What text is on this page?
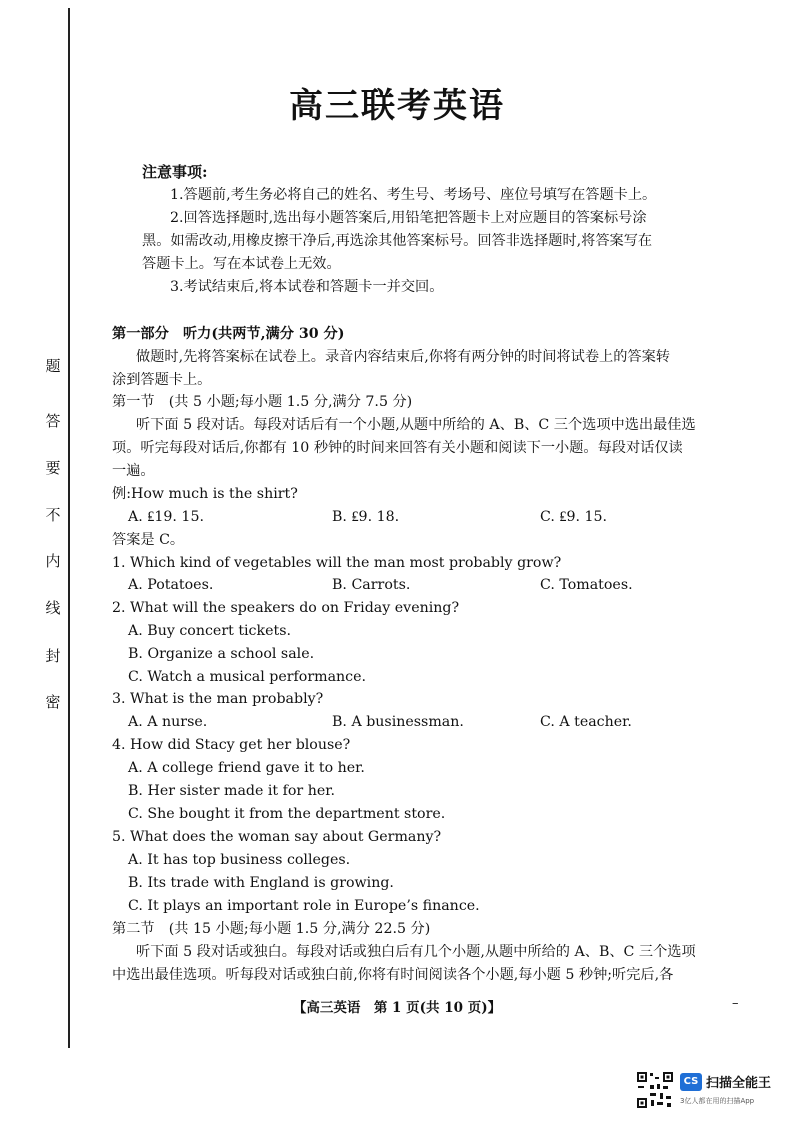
题
答
要
不
内
线
封
密
高三联考英语
注意事项:
1.答题前,考生务必将自己的姓名、考生号、考场号、座位号填写在答题卡上。
2.回答选择题时,选出每小题答案后,用铅笔把答题卡上对应题目的答案标号涂
黑。如需改动,用橡皮擦干净后,再选涂其他答案标号。回答非选择题时,将答案写在
答题卡上。写在本试卷上无效。
3.考试结束后,将本试卷和答题卡一并交回。
第一部分　听力(共两节,满分 30 分)
做题时,先将答案标在试卷上。录音内容结束后,你将有两分钟的时间将试卷上的答案转
涂到答题卡上。
第一节　(共 5 小题;每小题 1.5 分,满分 7.5 分)
听下面 5 段对话。每段对话后有一个小题,从题中所给的 A、B、C 三个选项中选出最佳选
项。听完每段对话后,你都有 10 秒钟的时间来回答有关小题和阅读下一小题。每段对话仅读
一遍。
例:How much is the shirt?
A. ₤19. 15.	B. ₤9. 18.	C. ₤9. 15.
答案是 C。
1. Which kind of vegetables will the man most probably grow?
A. Potatoes.	B. Carrots.	C. Tomatoes.
2. What will the speakers do on Friday evening?
A. Buy concert tickets.
B. Organize a school sale.
C. Watch a musical performance.
3. What is the man probably?
A. A nurse.	B. A businessman.	C. A teacher.
4. How did Stacy get her blouse?
A. A college friend gave it to her.
B. Her sister made it for her.
C. She bought it from the department store.
5. What does the woman say about Germany?
A. It has top business colleges.
B. Its trade with England is growing.
C. It plays an important role in Europe’s finance.
第二节　(共 15 小题;每小题 1.5 分,满分 22.5 分)
听下面 5 段对话或独白。每段对话或独白后有几个小题,从题中所给的 A、B、C 三个选项
中选出最佳选项。听每段对话或独白前,你将有时间阅读各个小题,每小题 5 秒钟;听完后,各
【高三英语　第 1 页(共 10 页)】	–
CS 扫描全能王
3亿人都在用的扫描App
